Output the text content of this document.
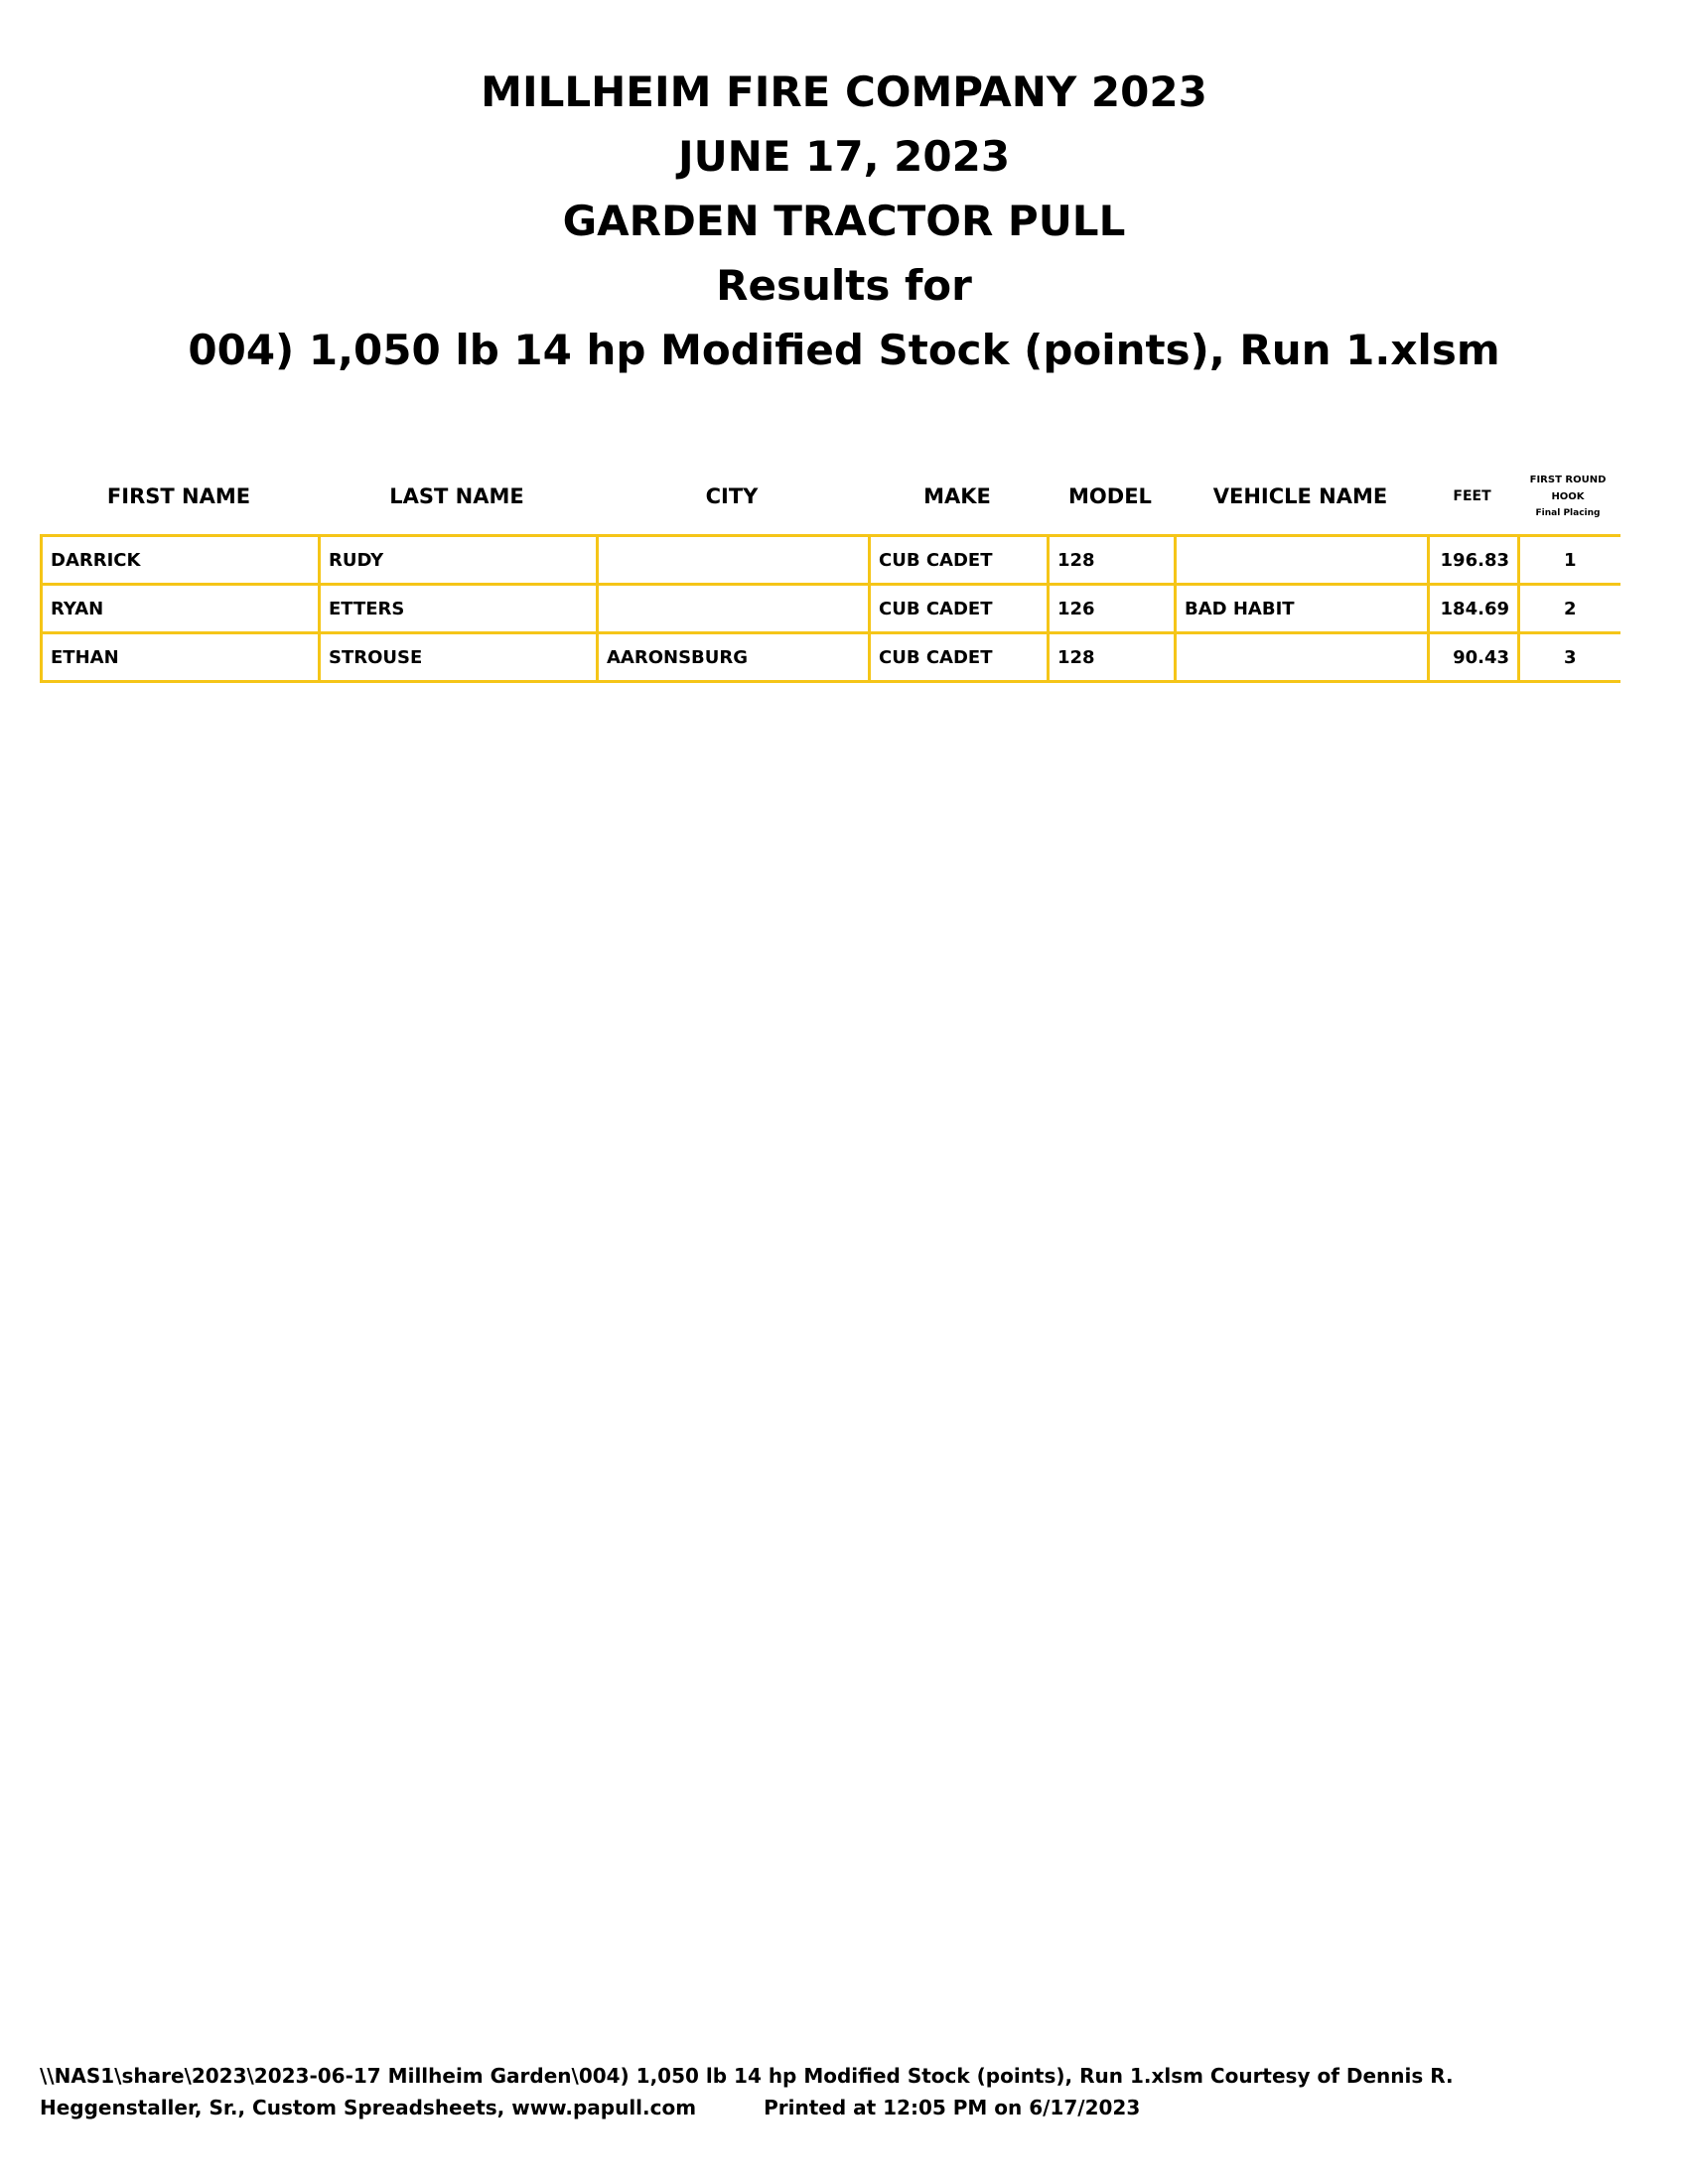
MILLHEIM FIRE COMPANY 2023
JUNE 17, 2023
GARDEN TRACTOR PULL
Results for
004) 1,050 lb 14 hp Modified Stock (points), Run 1.xlsm
FIRST NAME	LAST NAME	CITY	MAKE	MODEL	VEHICLE NAME	FEET
FIRST ROUND
HOOK
Final Placing
DARRICK	RUDY		CUB CADET	128		196.83	1
RYAN	ETTERS		CUB CADET	126	BAD HABIT	184.69	2
ETHAN	STROUSE	AARONSBURG	CUB CADET	128		90.43	3
\\NAS1\share\2023\2023-06-17 Millheim Garden\004) 1,050 lb 14 hp Modified Stock (points), Run 1.xlsm Courtesy of Dennis R.
Heggenstaller, Sr., Custom Spreadsheets, www.papull.com	Printed at 12:05 PM on 6/17/2023
